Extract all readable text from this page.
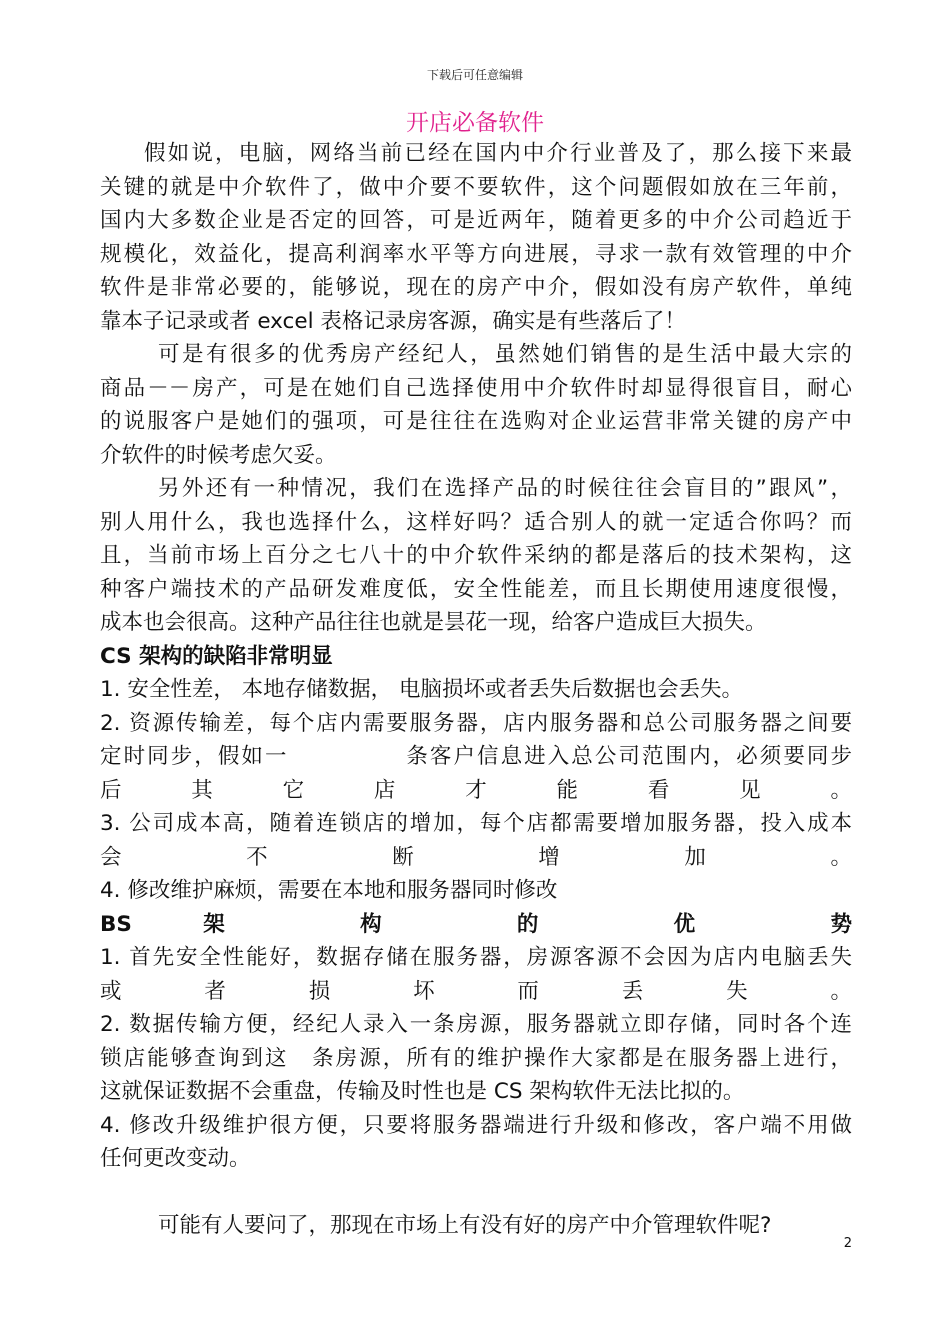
下载后可任意编辑
开店必备软件
假如说，电脑，网络当前已经在国内中介行业普及了，那么接下来最
关键的就是中介软件了，做中介要不要软件，这个问题假如放在三年前，
国内大多数企业是否定的回答，可是近两年，随着更多的中介公司趋近于
规模化，效益化，提高利润率水平等方向进展，寻求一款有效管理的中介
软件是非常必要的，能够说，现在的房产中介，假如没有房产软件，单纯
靠本子记录或者 excel 表格记录房客源，确实是有些落后了！
可是有很多的优秀房产经纪人，虽然她们销售的是生活中最大宗的
商品－－房产，可是在她们自己选择使用中介软件时却显得很盲目，耐心
的说服客户是她们的强项，可是往往在选购对企业运营非常关键的房产中
介软件的时候考虑欠妥。
另外还有一种情况，我们在选择产品的时候往往会盲目的”跟风”，
别人用什么，我也选择什么，这样好吗？适合别人的就一定适合你吗？而
且，当前市场上百分之七八十的中介软件采纳的都是落后的技术架构，这
种客户端技术的产品研发难度低，安全性能差，而且长期使用速度很慢，
成本也会很高。这种产品往往也就是昙花一现，给客户造成巨大损失。
CS 架构的缺陷非常明显
1. 安全性差， 本地存储数据， 电脑损坏或者丢失后数据也会丢失。
2. 资源传输差，每个店内需要服务器，店内服务器和总公司服务器之间要
定时同步，假如一　　　　　条客户信息进入总公司范围内，必须要同步
后 其 它 店 才 能 看 见 。
3. 公司成本高，随着连锁店的增加，每个店都需要增加服务器，投入成本
会 不 断 增 加 。
4. 修改维护麻烦，需要在本地和服务器同时修改
BS 架 构 的 优 势
1. 首先安全性能好，数据存储在服务器，房源客源不会因为店内电脑丢失
或 者 损 坏 而 丢 失 。
2. 数据传输方便，经纪人录入一条房源，服务器就立即存储，同时各个连
锁店能够查询到这　条房源，所有的维护操作大家都是在服务器上进行，
这就保证数据不会重盘，传输及时性也是 CS 架构软件无法比拟的。
4. 修改升级维护很方便，只要将服务器端进行升级和修改，客户端不用做
任何更改变动。
可能有人要问了，那现在市场上有没有好的房产中介管理软件呢?
2
